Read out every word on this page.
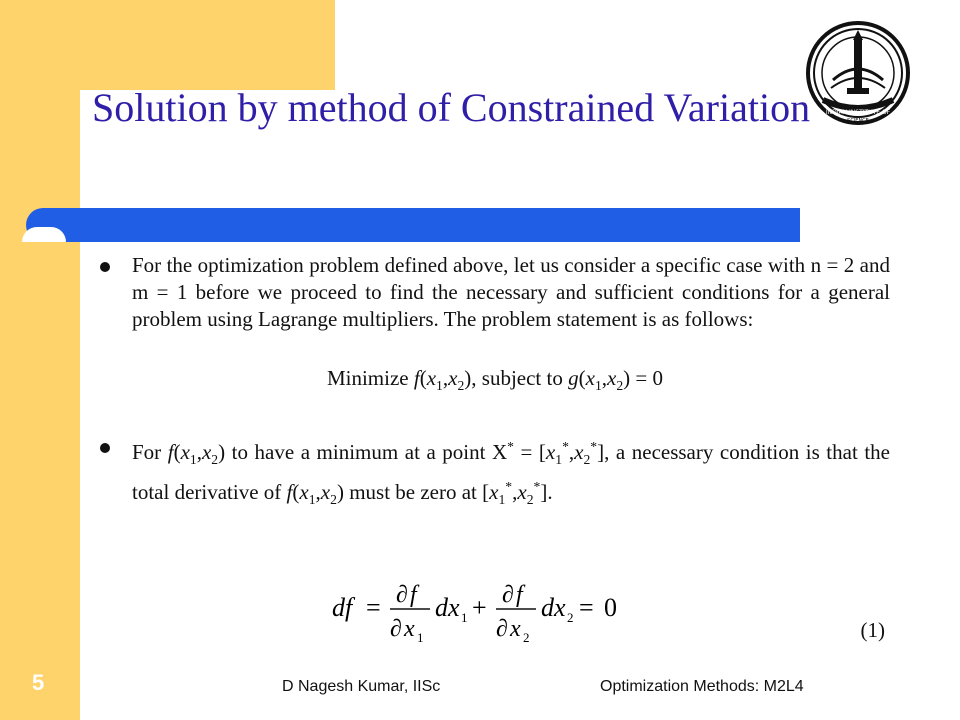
INDIAN INSTITUTE OF
SCIENCE
Solution by method of Constrained Variation
For the optimization problem defined above, let us consider a specific case with n = 2 and m = 1 before we proceed to find the necessary and sufficient conditions for a general problem using Lagrange multipliers. The problem statement is as follows:
Minimize $f(x_1,x_2)$, subject to $g(x_1,x_2) = 0$
For $f(x_1,x_2)$ to have a minimum at a point $X^* = [x_1^*,x_2^*]$, a necessary condition is that the total derivative of $f(x_1,x_2)$ must be zero at $[x_1^*,x_2^*]$.
df = ∂ f
∂ x 1
dx 1 + ∂ f
∂ x 2
dx 2 = 0
(1)
5	D Nagesh Kumar, IISc	Optimization Methods: M2L4
